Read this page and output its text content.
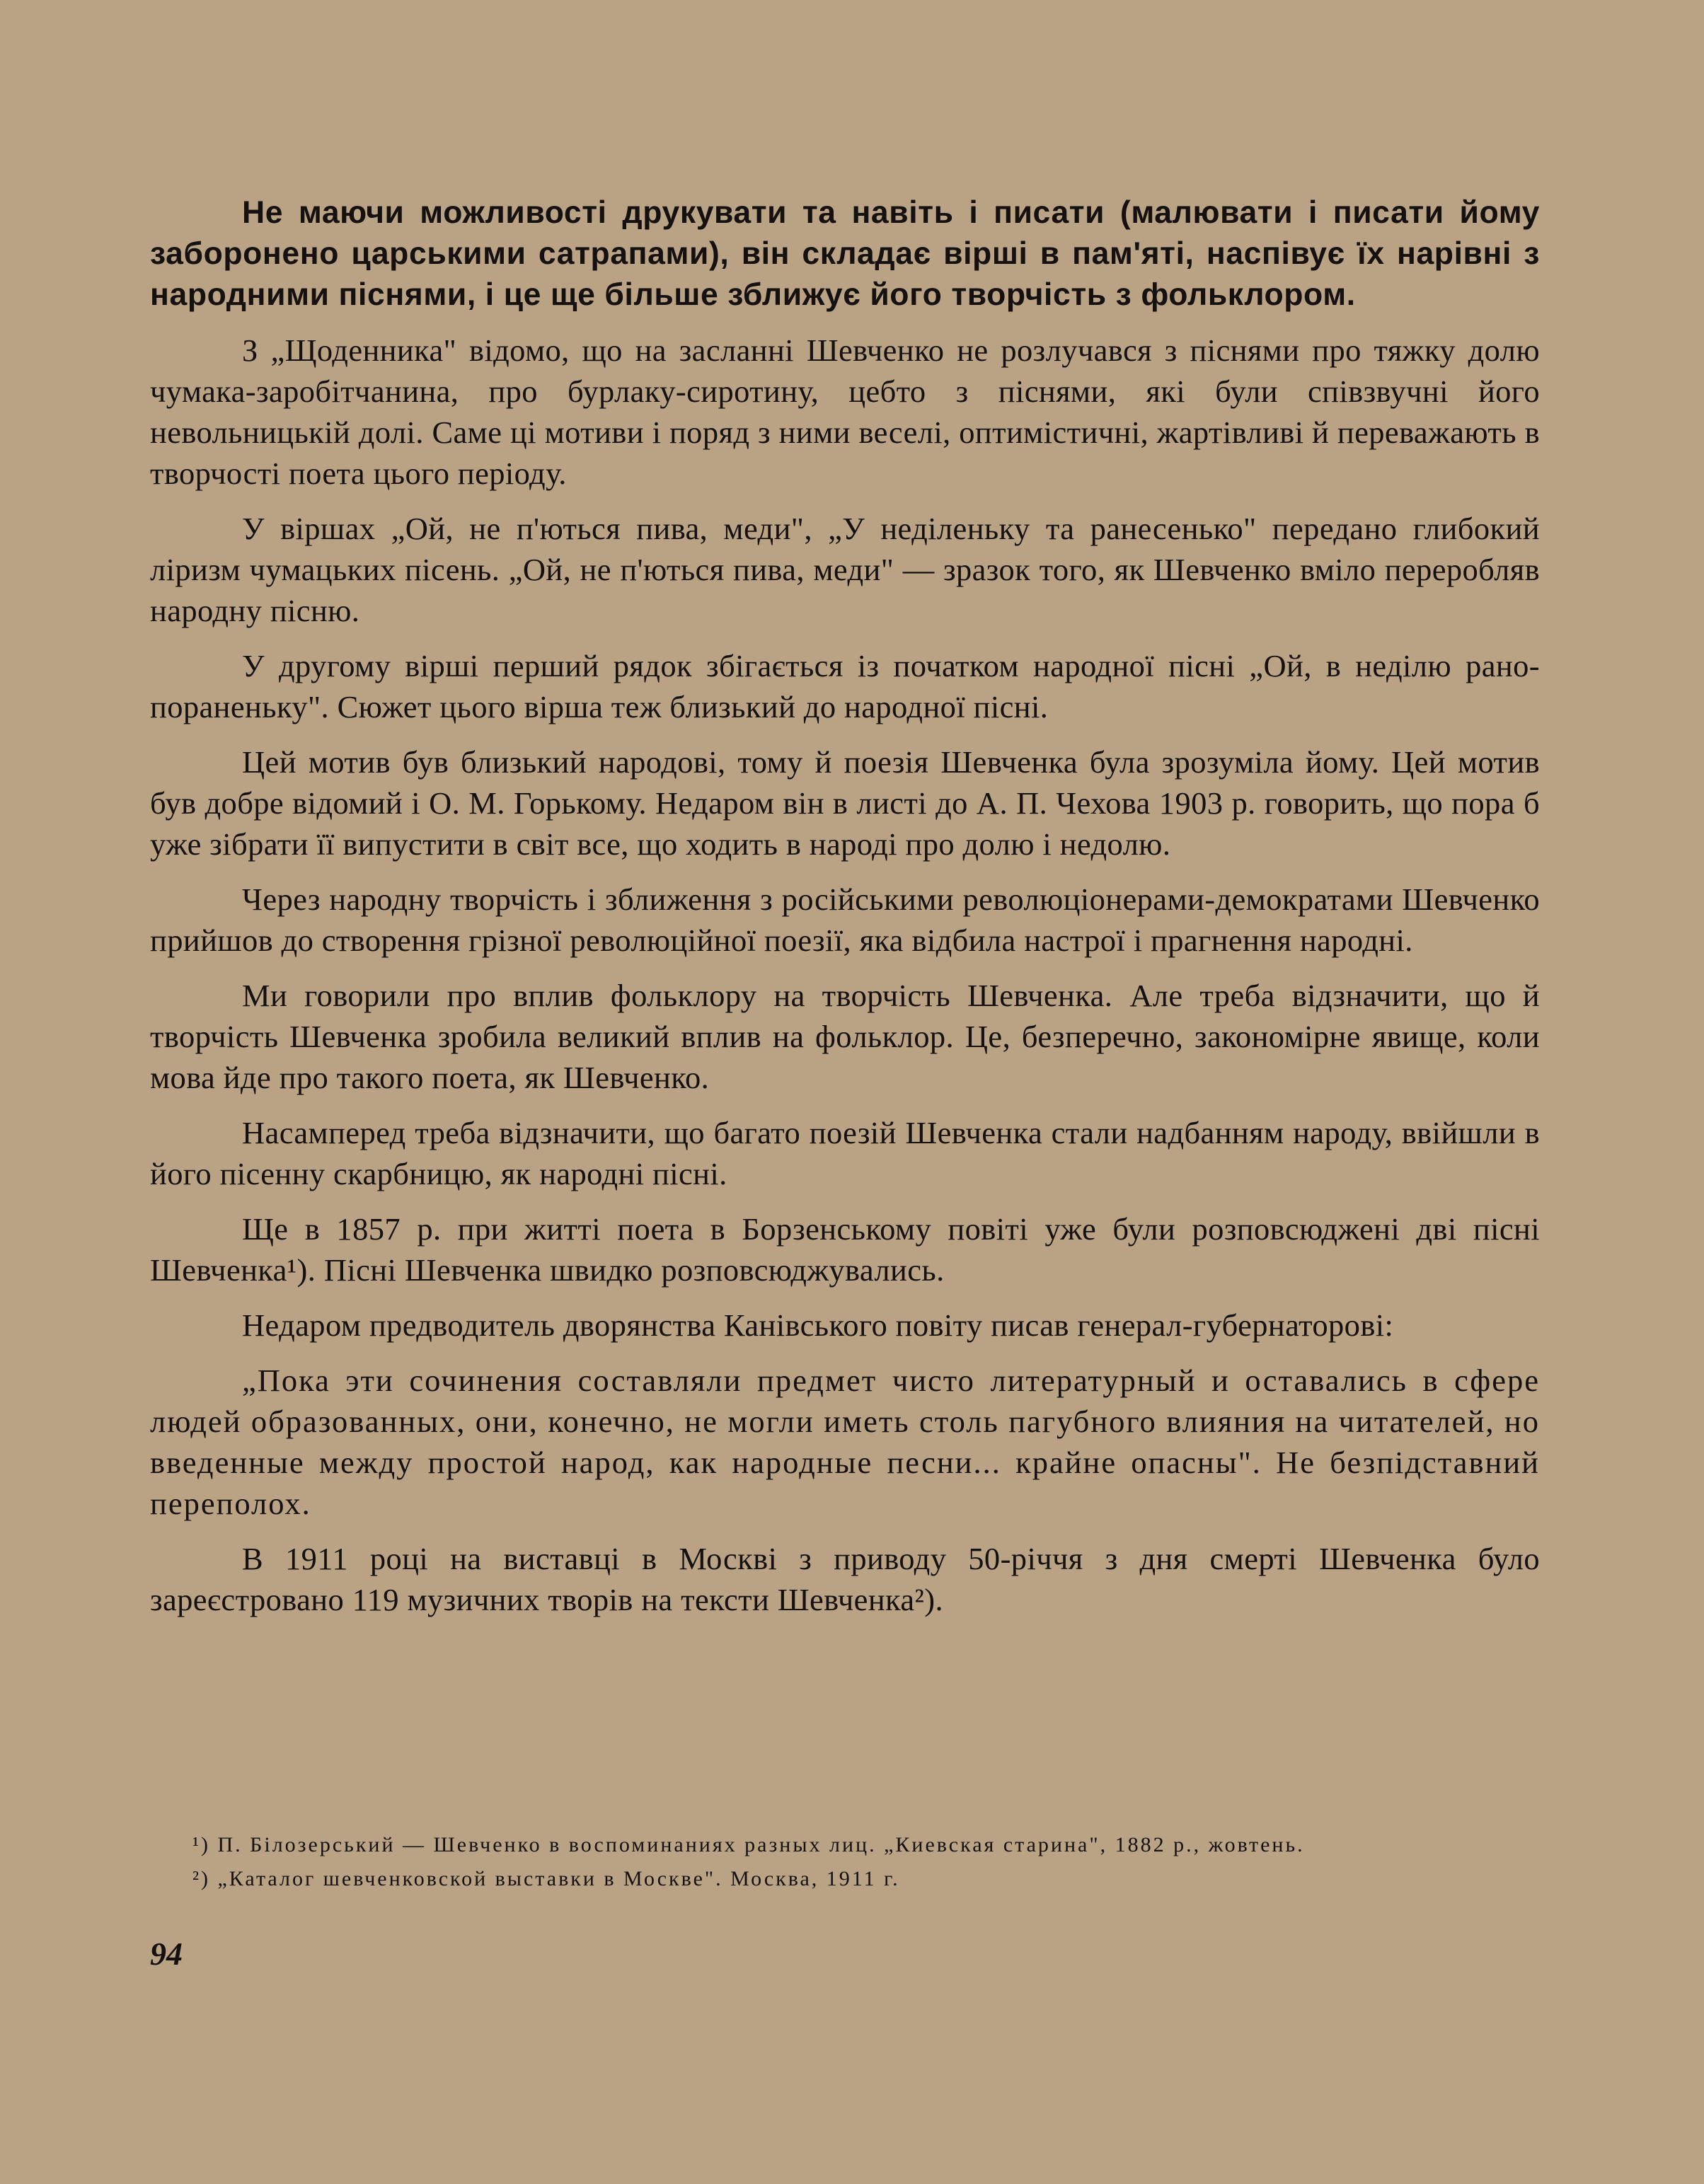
Не маючи можливості друкувати та навіть і писати (малювати і писати йому заборонено царськими сатрапами), він складає вірші в пам'яті, наспівує їх нарівні з народними піснями, і це ще більше зближує його творчість з фольклором.

З „Щоденника" відомо, що на засланні Шевченко не розлучався з піснями про тяжку долю чумака-заробітчанина, про бурлаку-сиротину, цебто з піснями, які були співзвучні його невольницькій долі. Саме ці мотиви і поряд з ними веселі, оптимістичні, жартівливі й переважають в творчості поета цього періоду.

У віршах „Ой, не п'ються пива, меди", „У неділеньку та ранесенько" передано глибокий ліризм чумацьких пісень. „Ой, не п'ються пива, меди" — зразок того, як Шевченко вміло переробляв народну пісню.

У другому вірші перший рядок збігається із початком народної пісні „Ой, в неділю рано-пораненьку". Сюжет цього вірша теж близький до народної пісні.

Цей мотив був близький народові, тому й поезія Шевченка була зрозуміла йому. Цей мотив був добре відомий і О. М. Горькому. Недаром він в листі до А. П. Чехова 1903 р. говорить, що пора б уже зібрати її випустити в світ все, що ходить в народі про долю і недолю.

Через народну творчість і зближення з російськими революціонерами-демократами Шевченко прийшов до створення грізної революційної поезії, яка відбила настрої і прагнення народні.

Ми говорили про вплив фольклору на творчість Шевченка. Але треба відзначити, що й творчість Шевченка зробила великий вплив на фольклор. Це, безперечно, закономірне явище, коли мова йде про такого поета, як Шевченко.

Насамперед треба відзначити, що багато поезій Шевченка стали надбанням народу, ввійшли в його пісенну скарбницю, як народні пісні.

Ще в 1857 р. при житті поета в Борзенському повіті уже були розповсюджені дві пісні Шевченка¹). Пісні Шевченка швидко розповсюджувались.

Недаром предводитель дворянства Канівського повіту писав генерал-губернаторові:

„Пока эти сочинения составляли предмет чисто литературный и оставались в сфере людей образованных, они, конечно, не могли иметь столь пагубного влияния на читателей, но введенные между простой народ, как народные песни... крайне опасны". Не безпідставний переполох.

В 1911 році на виставці в Москві з приводу 50-річчя з дня смерті Шевченка було зареєстровано 119 музичних творів на тексти Шевченка²).

¹) П. Білозерський — Шевченко в воспоминаниях разных лиц. „Киевская старина", 1882 р., жовтень.

²) „Каталог шевченковской выставки в Москве". Москва, 1911 г.

94
